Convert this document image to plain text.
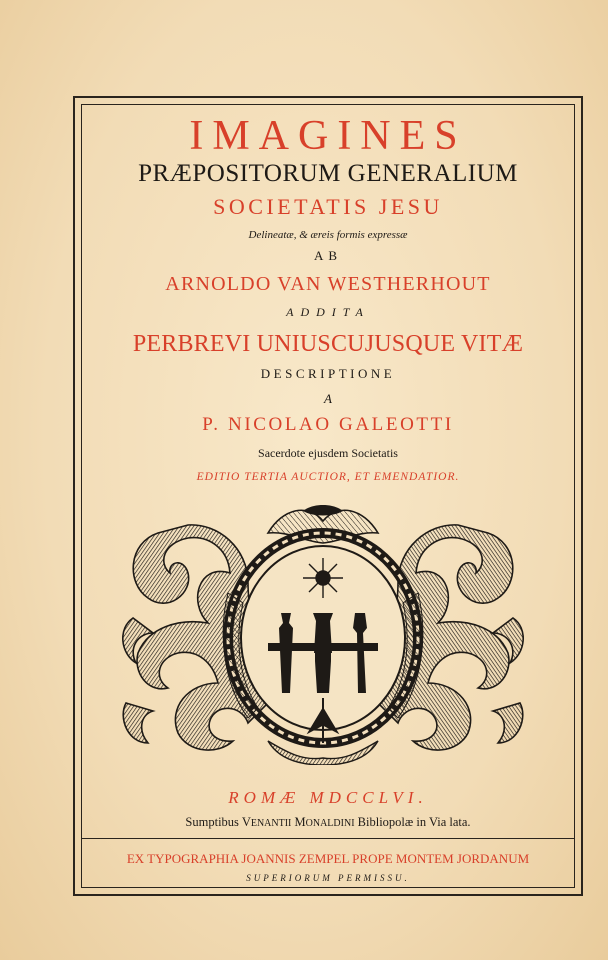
IMAGINES
PRÆPOSITORUM GENERALIUM
SOCIETATIS JESU
Delineatæ, & æreis formis expressæ
AB
ARNOLDO VAN WESTHERHOUT
ADDITA
PERBREVI UNIUSCUJUSQUE VITÆ
DESCRIPTIONE
A
P. NICOLAO GALEOTTI
Sacerdote ejusdem Societatis
EDITIO TERTIA AUCTIOR, ET EMENDATIOR.
ROMÆ MDCCLVI.
Sumptibus VENANTII MONALDINI Bibliopolæ in Via lata.
EX TYPOGRAPHIA JOANNIS ZEMPEL PROPE MONTEM JORDANUM
SUPERIORUM PERMISSU.
